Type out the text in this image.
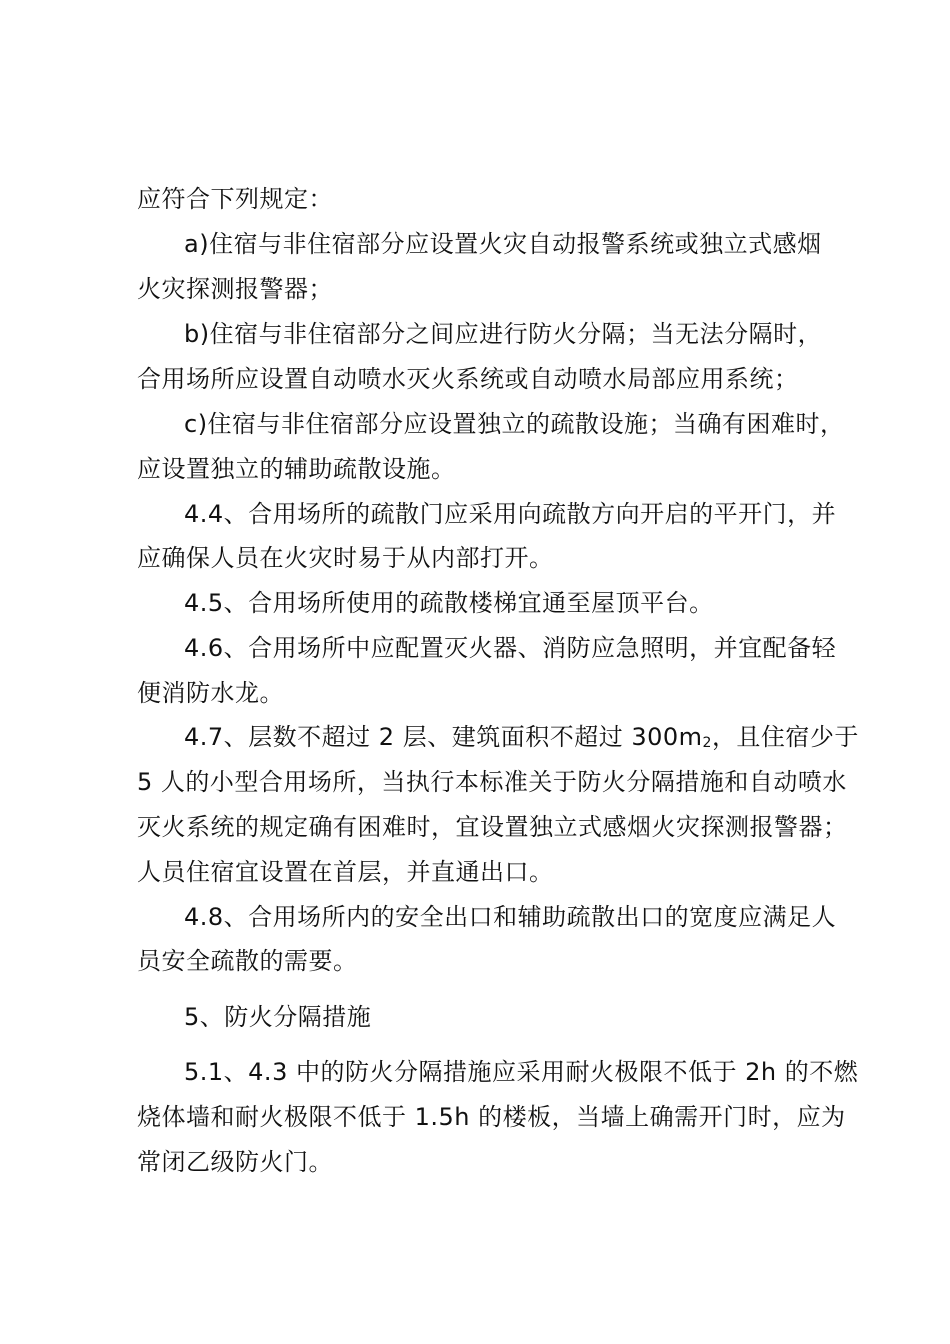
应符合下列规定：
a)住宿与非住宿部分应设置火灾自动报警系统或独立式感烟
火灾探测报警器；
b)住宿与非住宿部分之间应进行防火分隔；当无法分隔时，
合用场所应设置自动喷水灭火系统或自动喷水局部应用系统；
c)住宿与非住宿部分应设置独立的疏散设施；当确有困难时，
应设置独立的辅助疏散设施。
4.4、合用场所的疏散门应采用向疏散方向开启的平开门，并
应确保人员在火灾时易于从内部打开。
4.5、合用场所使用的疏散楼梯宜通至屋顶平台。
4.6、合用场所中应配置灭火器、消防应急照明，并宜配备轻
便消防水龙。
4.7、层数不超过 2 层、建筑面积不超过 $300m_2$，且住宿少于
5 人的小型合用场所，当执行本标准关于防火分隔措施和自动喷水
灭火系统的规定确有困难时，宜设置独立式感烟火灾探测报警器；
人员住宿宜设置在首层，并直通出口。
4.8、合用场所内的安全出口和辅助疏散出口的宽度应满足人
员安全疏散的需要。
5、防火分隔措施
5.1、4.3 中的防火分隔措施应采用耐火极限不低于 2h 的不燃
烧体墙和耐火极限不低于 1.5h 的楼板，当墙上确需开门时，应为
常闭乙级防火门。
